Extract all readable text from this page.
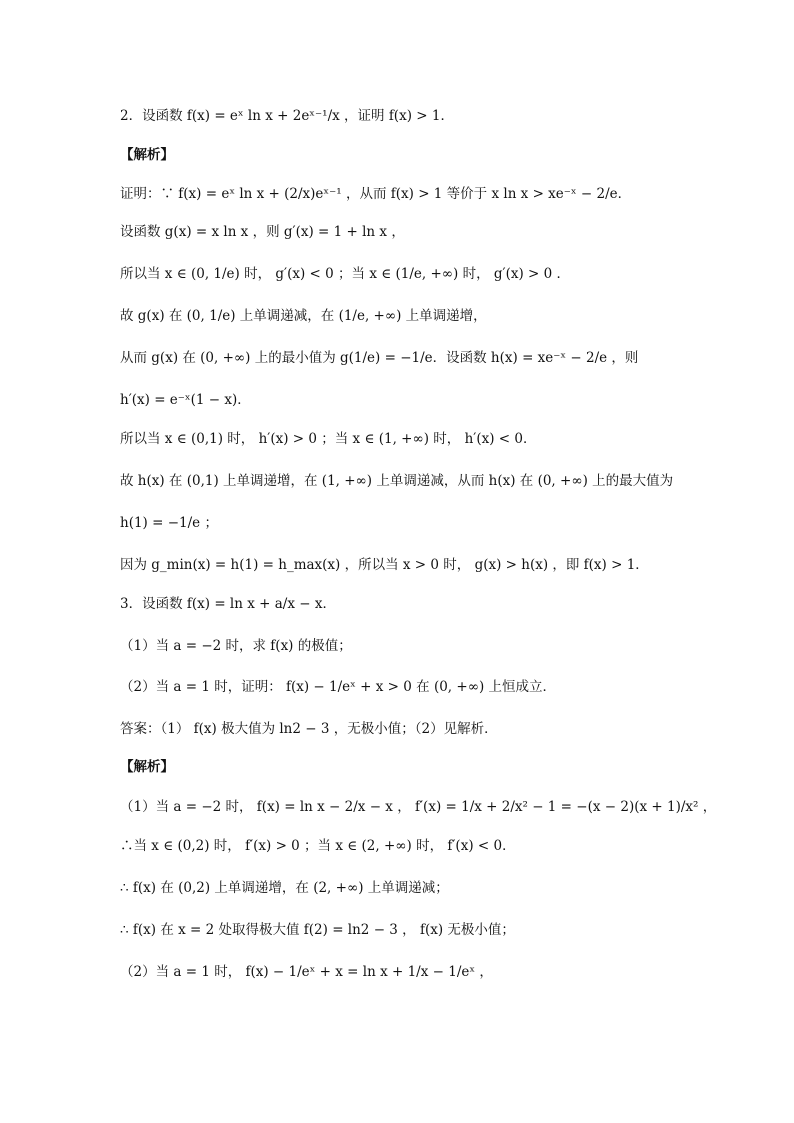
2．设函数 f(x) = eˣ ln x + 2eˣ⁻¹/x ，证明 f(x) > 1．
【解析】
证明：∵ f(x) = eˣ ln x + (2/x)eˣ⁻¹ ，从而 f(x) > 1 等价于 x ln x > xe⁻ˣ − 2/e．
设函数 g(x) = x ln x ，则 g′(x) = 1 + ln x ，
所以当 x ∈ (0, 1/e) 时， g′(x) < 0 ；当 x ∈ (1/e, +∞) 时， g′(x) > 0 ．
故 g(x) 在 (0, 1/e) 上单调递减，在 (1/e, +∞) 上单调递增，
从而 g(x) 在 (0, +∞) 上的最小值为 g(1/e) = −1/e．设函数 h(x) = xe⁻ˣ − 2/e ，则
h′(x) = e⁻ˣ(1 − x)．
所以当 x ∈ (0,1) 时， h′(x) > 0 ；当 x ∈ (1, +∞) 时， h′(x) < 0．
故 h(x) 在 (0,1) 上单调递增，在 (1, +∞) 上单调递减，从而 h(x) 在 (0, +∞) 上的最大值为
h(1) = −1/e ；
因为 g_min(x) = h(1) = h_max(x) ，所以当 x > 0 时， g(x) > h(x) ，即 f(x) > 1．
3．设函数 f(x) = ln x + a/x − x．
（1）当 a = −2 时，求 f(x) 的极值；
（2）当 a = 1 时，证明： f(x) − 1/eˣ + x > 0 在 (0, +∞) 上恒成立．
答案：（1） f(x) 极大值为 ln2 − 3 ，无极小值；（2）见解析．
【解析】
（1）当 a = −2 时， f(x) = ln x − 2/x − x ， f′(x) = 1/x + 2/x² − 1 = −(x − 2)(x + 1)/x² ，
∴当 x ∈ (0,2) 时， f′(x) > 0 ；当 x ∈ (2, +∞) 时， f′(x) < 0．
∴ f(x) 在 (0,2) 上单调递增，在 (2, +∞) 上单调递减；
∴ f(x) 在 x = 2 处取得极大值 f(2) = ln2 − 3 ， f(x) 无极小值；
（2）当 a = 1 时， f(x) − 1/eˣ + x = ln x + 1/x − 1/eˣ ，
